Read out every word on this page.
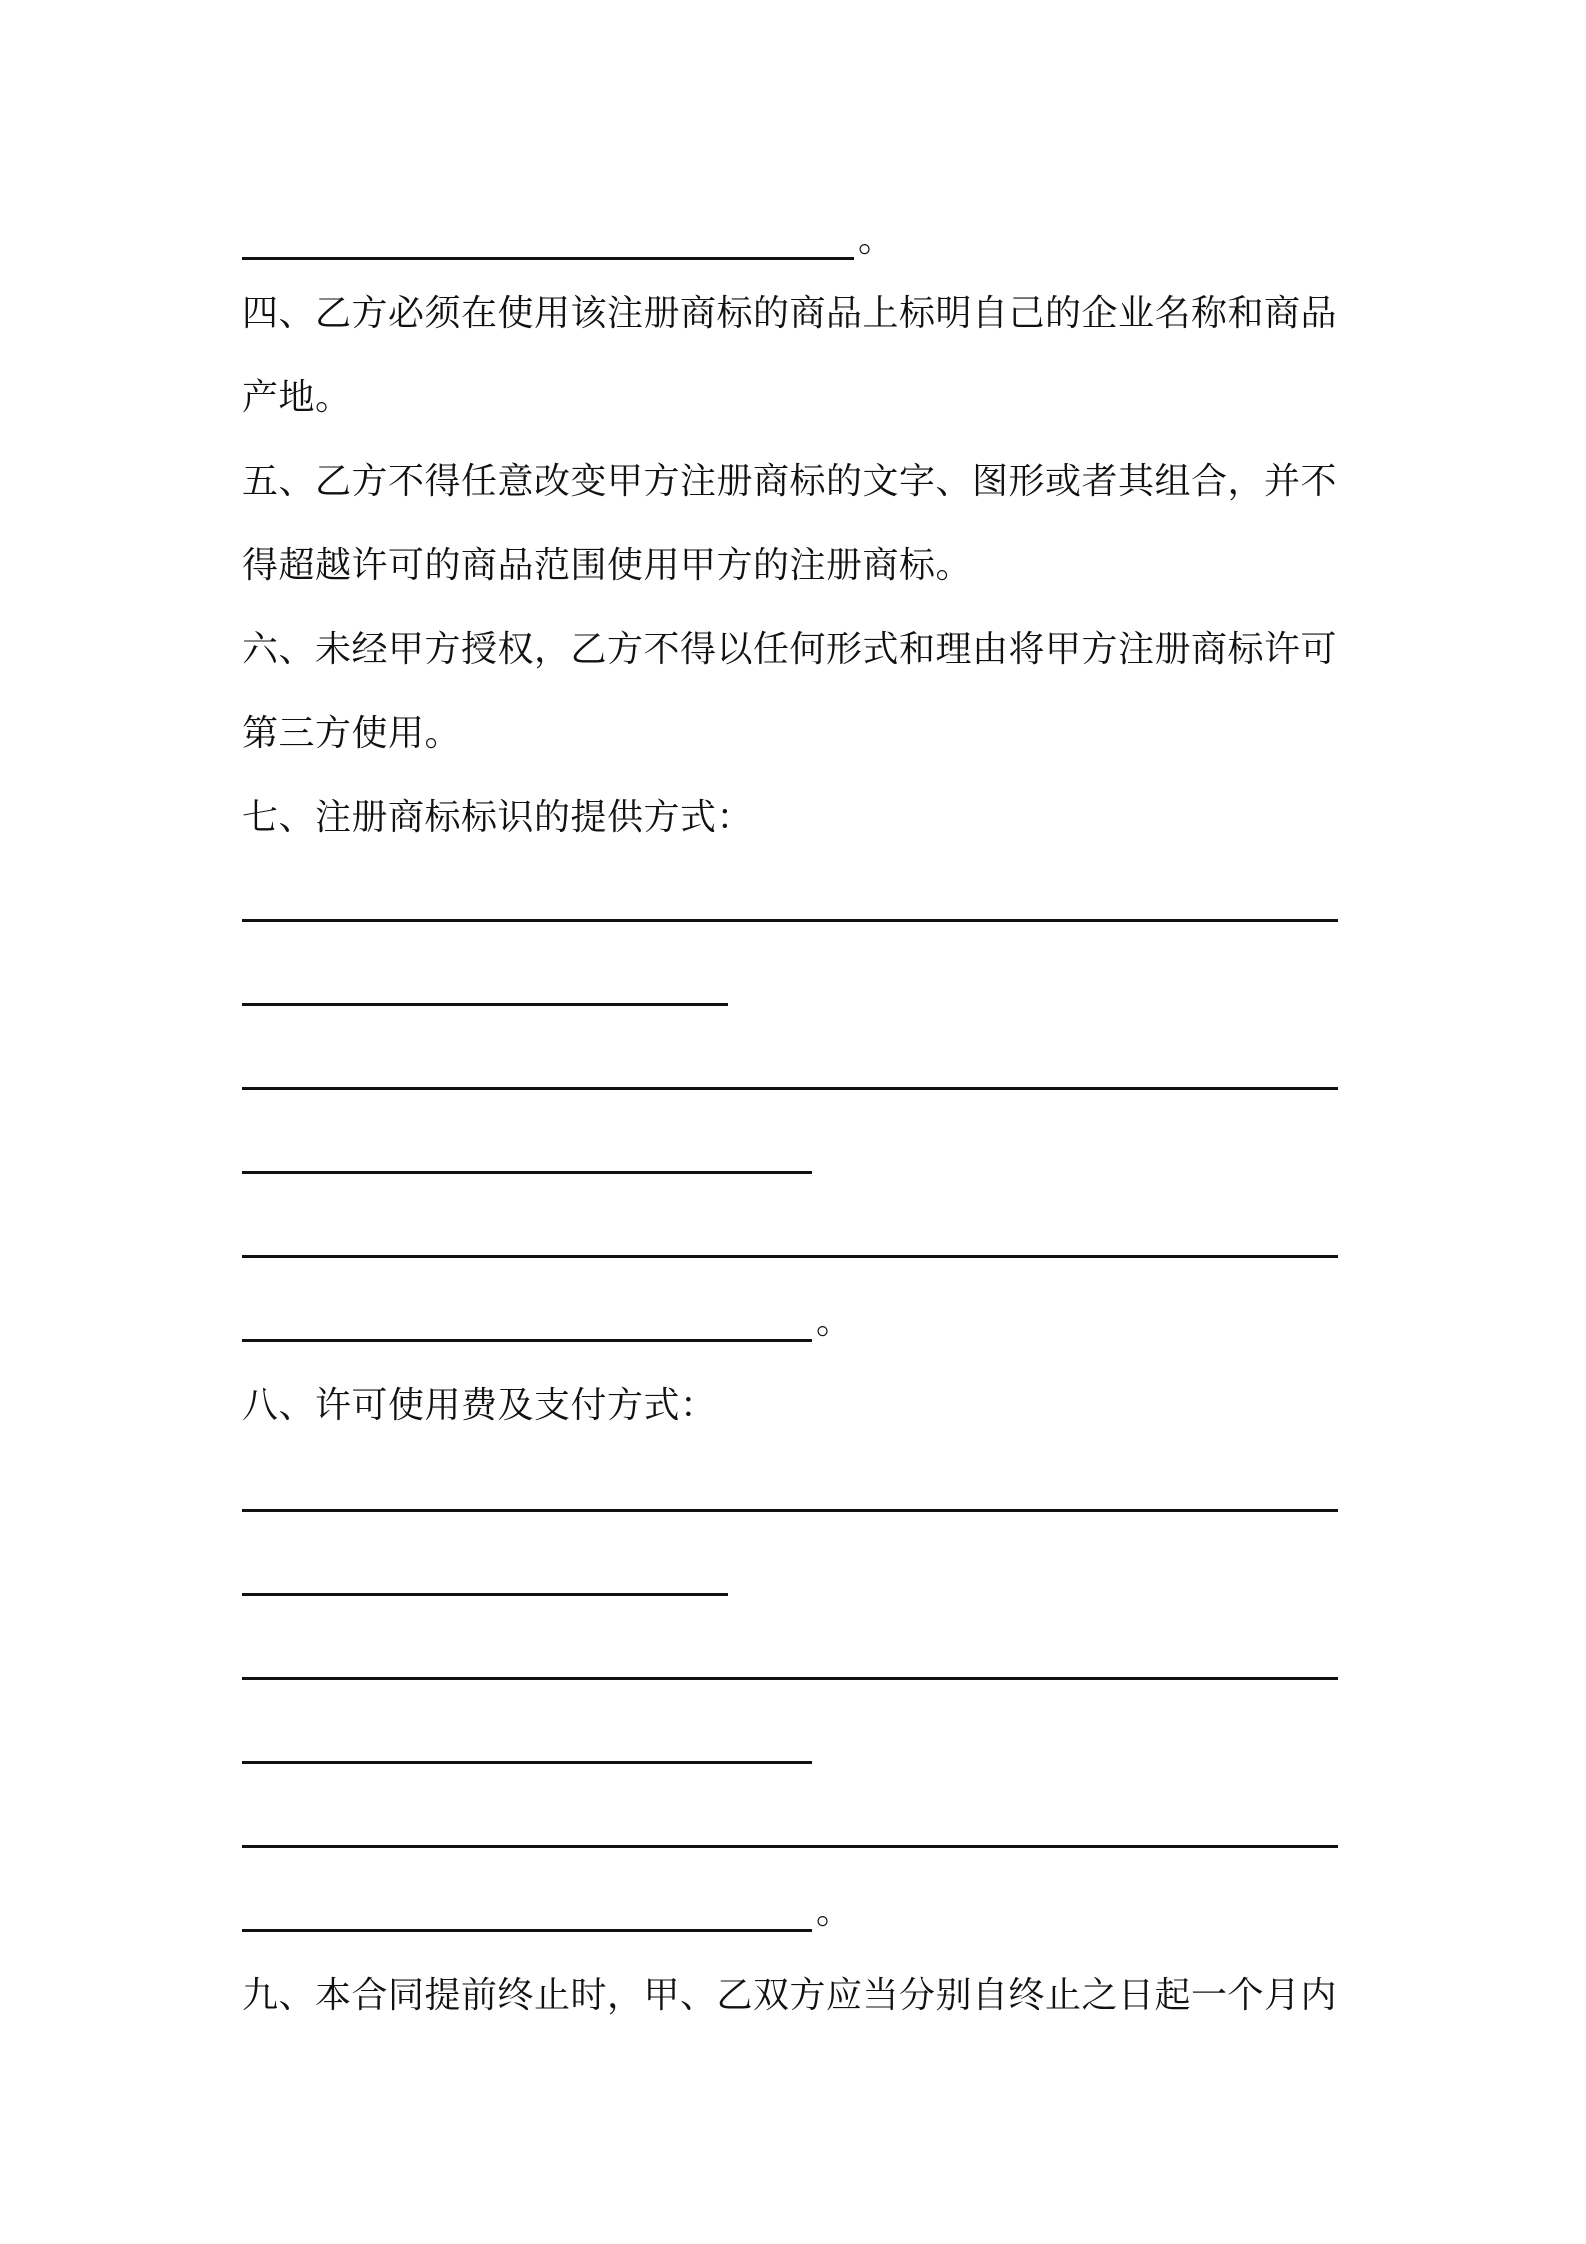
。
四、乙方必须在使用该注册商标的商品上标明自己的企业名称和商品
产地。
五、乙方不得任意改变甲方注册商标的文字、图形或者其组合，并不
得超越许可的商品范围使用甲方的注册商标。
六、未经甲方授权，乙方不得以任何形式和理由将甲方注册商标许可
第三方使用。
七、注册商标标识的提供方式：
。
八、许可使用费及支付方式：
。
九、本合同提前终止时，甲、乙双方应当分别自终止之日起一个月内
